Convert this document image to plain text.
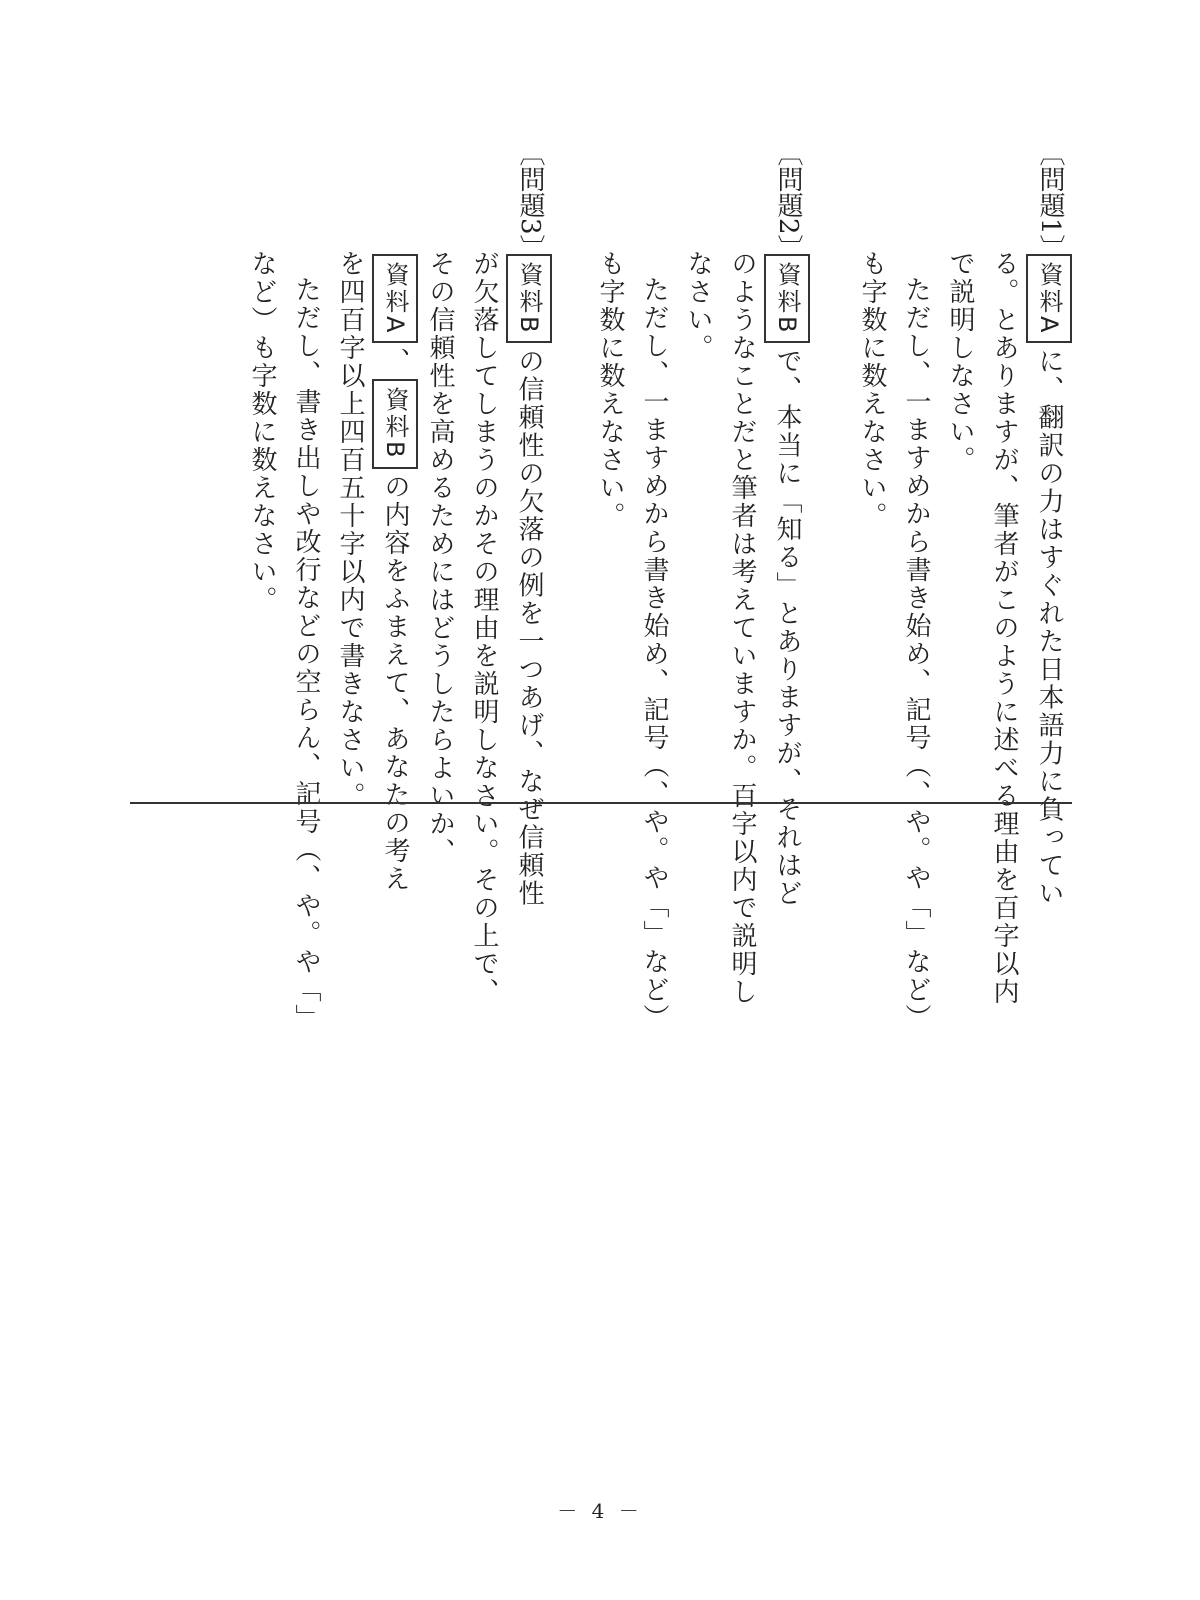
〔問題1〕
資料Aに、翻訳の力はすぐれた日本語力に負ってい
る。とありますが、筆者がこのように述べる理由を百字以内
で説明しなさい。
ただし、一ますめから書き始め、記号（、や。や「」など）
も字数に数えなさい。
〔問題2〕
資料Bで、本当に「知る」とありますが、それはど
のようなことだと筆者は考えていますか。百字以内で説明し
なさい。
ただし、一ますめから書き始め、記号（、や。や「」など）
も字数に数えなさい。
〔問題3〕
資料Bの信頼性の欠落の例を一つあげ、なぜ信頼性
が欠落してしまうのかその理由を説明しなさい。その上で、
その信頼性を高めるためにはどうしたらよいか、
資料A、資料Bの内容をふまえて、あなたの考え
を四百字以上四百五十字以内で書きなさい。
ただし、書き出しや改行などの空らん、記号（、や。や「」
など）も字数に数えなさい。
－ 4 －
